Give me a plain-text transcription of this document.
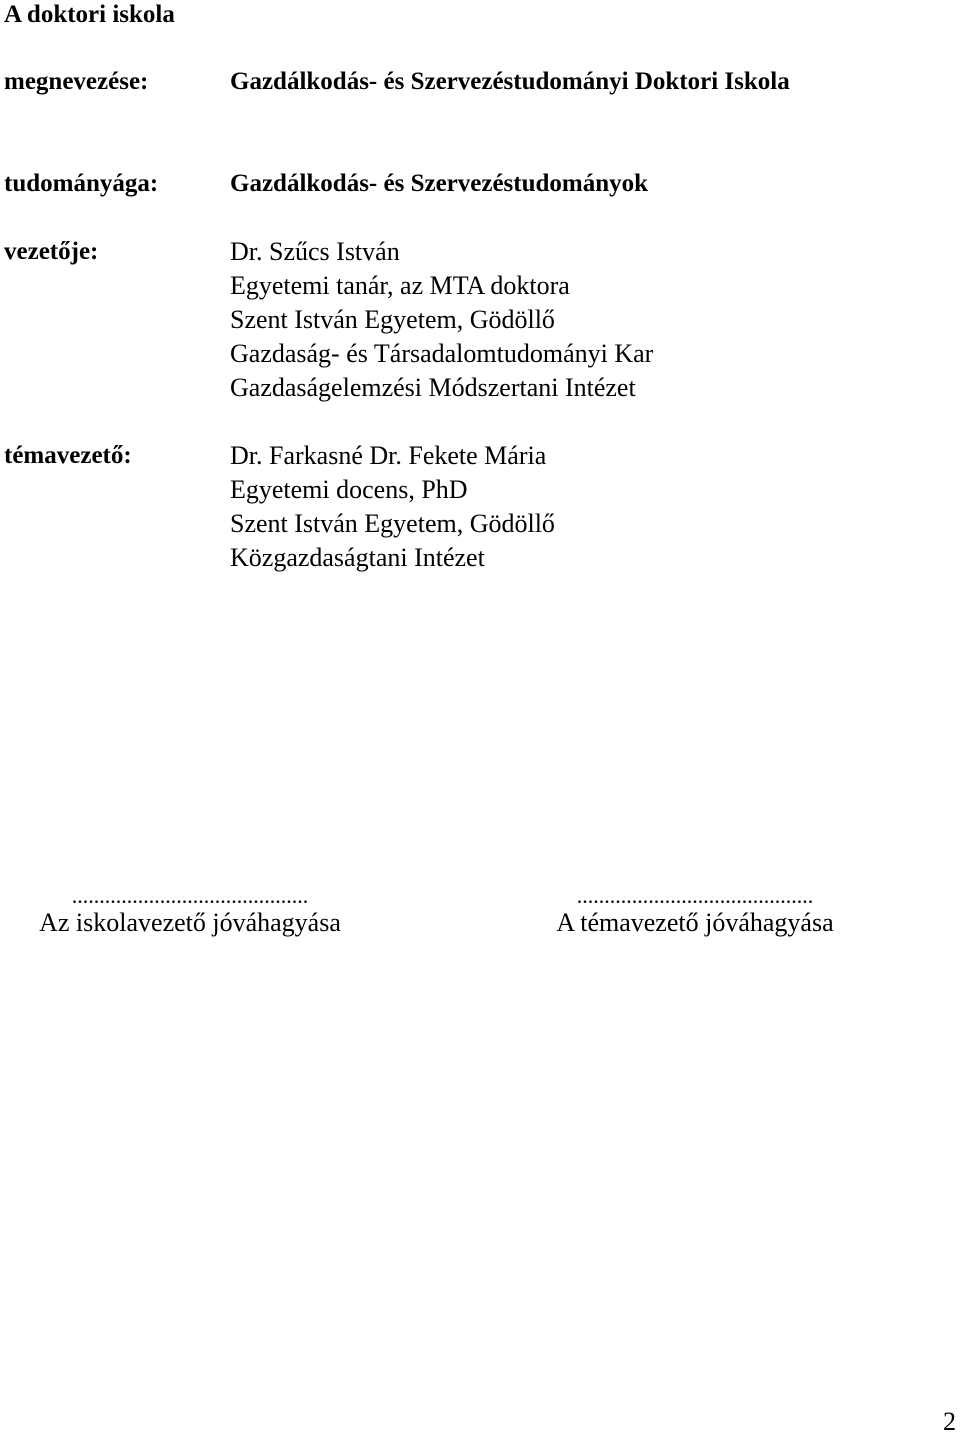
A doktori iskola
megnevezése:	Gazdálkodás- és Szervezéstudományi Doktori Iskola
tudományága:	Gazdálkodás- és Szervezéstudományok
vezetője:	Dr. Szűcs István
Egyetemi tanár, az MTA doktora
Szent István Egyetem, Gödöllő
Gazdaság- és Társadalomtudományi Kar
Gazdaságelemzési Módszertani Intézet
témavezető:	Dr. Farkasné Dr. Fekete Mária
Egyetemi docens, PhD
Szent István Egyetem, Gödöllő
Közgazdaságtani Intézet
...........................................
Az iskolavezető jóváhagyása
...........................................
A témavezető jóváhagyása
2
